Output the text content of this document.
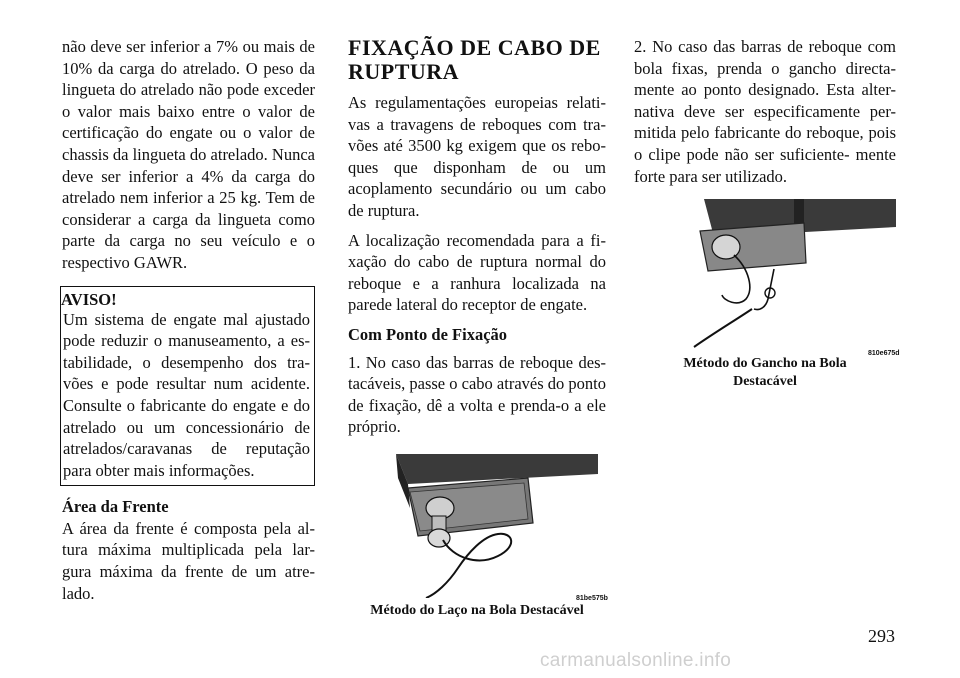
não deve ser inferior a 7% ou mais de 10% da carga do atrelado. O peso da lingueta do atrelado não pode exceder o valor mais baixo entre o valor de certificação do engate ou o valor de chassis da lingueta do atrelado. Nunca deve ser inferior a 4% da carga do atrelado nem inferior a 25 kg. Tem de considerar a carga da lingueta como parte da carga no seu veículo e o respectivo GAWR.

AVISO!

Um sistema de engate mal ajustado pode reduzir o manuseamento, a es- tabilidade, o desempenho dos tra- vões e pode resultar num acidente. Consulte o fabricante do engate e do atrelado ou um concessionário de atrelados/caravanas de reputação para obter mais informações.

Área da Frente

A área da frente é composta pela al- tura máxima multiplicada pela lar- gura máxima da frente de um atre- lado.

FIXAÇÃO DE CABO DE
RUPTURA

As regulamentações europeias relati- vas a travagens de reboques com tra- vões até 3500 kg exigem que os rebo- ques que disponham de ou um acoplamento secundário ou um cabo de ruptura.

A localização recomendada para a fi- xação do cabo de ruptura normal do reboque e a ranhura localizada na parede lateral do receptor de engate.

Com Ponto de Fixação

1. No caso das barras de reboque des- tacáveis, passe o cabo através do ponto de fixação, dê a volta e prenda-o a ele próprio.

81be575b
Método do Laço na Bola Destacável

2. No caso das barras de reboque com bola fixas, prenda o gancho directa- mente ao ponto designado. Esta alter- nativa deve ser especificamente per- mitida pelo fabricante do reboque, pois o clipe pode não ser suficiente- mente forte para ser utilizado.

810e675d
Método do Gancho na Bola
Destacável
293
carmanualsonline.info
